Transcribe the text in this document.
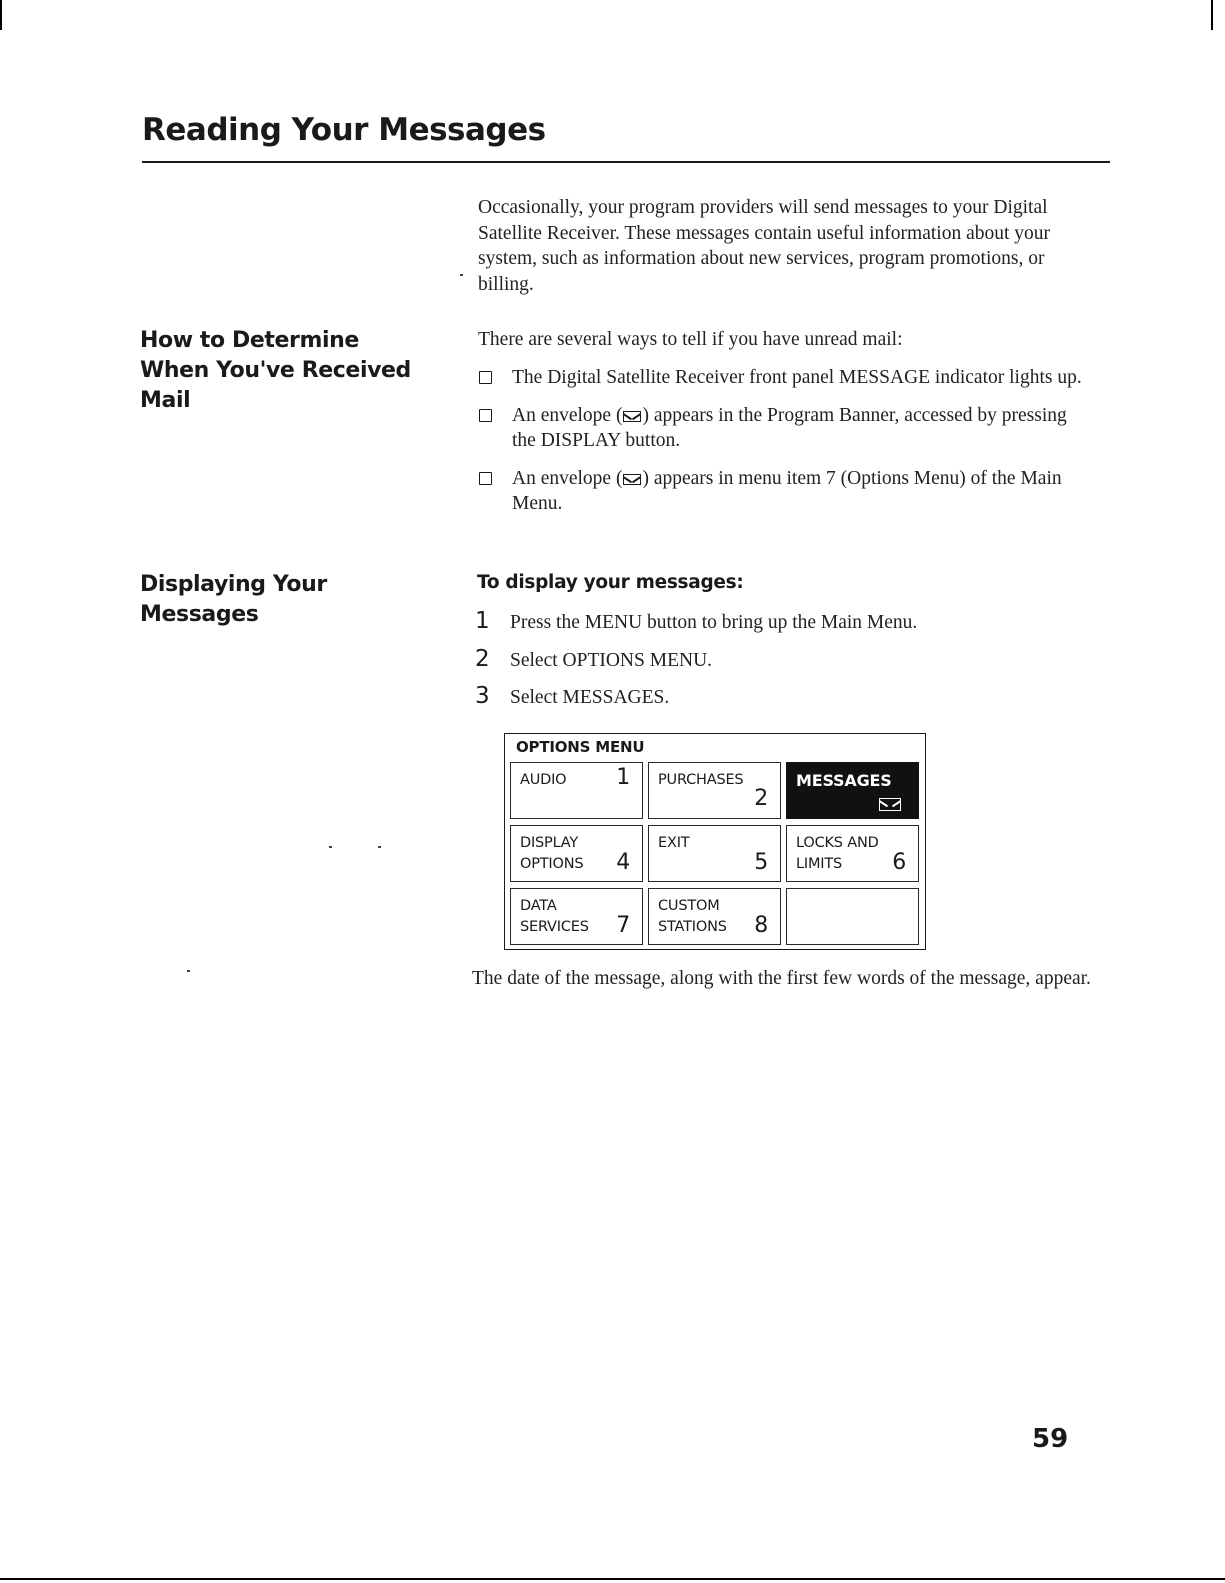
Reading Your Messages

Occasionally, your program providers will send messages to your Digital Satellite Receiver. These messages contain useful information about your system, such as information about new services, program promotions, or billing.

How to Determine When You've Received Mail

There are several ways to tell if you have unread mail:

The Digital Satellite Receiver front panel MESSAGE indicator lights up.
An envelope ( ) appears in the Program Banner, accessed by pressing the DISPLAY button.
An envelope ( ) appears in menu item 7 (Options Menu) of the Main Menu.
Displaying Your Messages
To display your messages:
1	Press the MENU button to bring up the Main Menu.
2	Select OPTIONS MENU.
3	Select MESSAGES.
OPTIONS MENU
AUDIO 1 PURCHASES
2
MESSAGES
DISPLAY
OPTIONS 4
EXIT
5
LOCKS AND
LIMITS	6
DATA
SERVICES 7
CUSTOM
STATIONS 8

The date of the message, along with the first few words of the message, appear.

59
